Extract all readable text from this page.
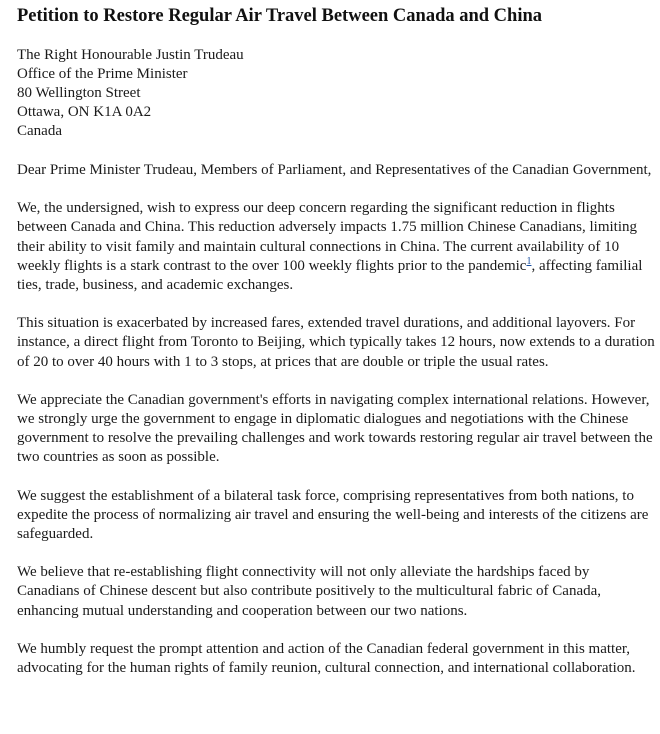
Petition to Restore Regular Air Travel Between Canada and China
The Right Honourable Justin Trudeau
Office of the Prime Minister
80 Wellington Street
Ottawa, ON K1A 0A2
Canada

Dear Prime Minister Trudeau, Members of Parliament, and Representatives of the Canadian Government,

We, the undersigned, wish to express our deep concern regarding the significant reduction in flights between Canada and China. This reduction adversely impacts 1.75 million Chinese Canadians, limiting their ability to visit family and maintain cultural connections in China. The current availability of 10 weekly flights is a stark contrast to the over 100 weekly flights prior to the pandemic$^1$, affecting familial ties, trade, business, and academic exchanges.

This situation is exacerbated by increased fares, extended travel durations, and additional layovers. For instance, a direct flight from Toronto to Beijing, which typically takes 12 hours, now extends to a duration of 20 to over 40 hours with 1 to 3 stops, at prices that are double or triple the usual rates.

We appreciate the Canadian government's efforts in navigating complex international relations. However, we strongly urge the government to engage in diplomatic dialogues and negotiations with the Chinese government to resolve the prevailing challenges and work towards restoring regular air travel between the two countries as soon as possible.

We suggest the establishment of a bilateral task force, comprising representatives from both nations, to expedite the process of normalizing air travel and ensuring the well-being and interests of the citizens are safeguarded.

We believe that re-establishing flight connectivity will not only alleviate the hardships faced by Canadians of Chinese descent but also contribute positively to the multicultural fabric of Canada, enhancing mutual understanding and cooperation between our two nations.

We humbly request the prompt attention and action of the Canadian federal government in this matter, advocating for the human rights of family reunion, cultural connection, and international collaboration.
